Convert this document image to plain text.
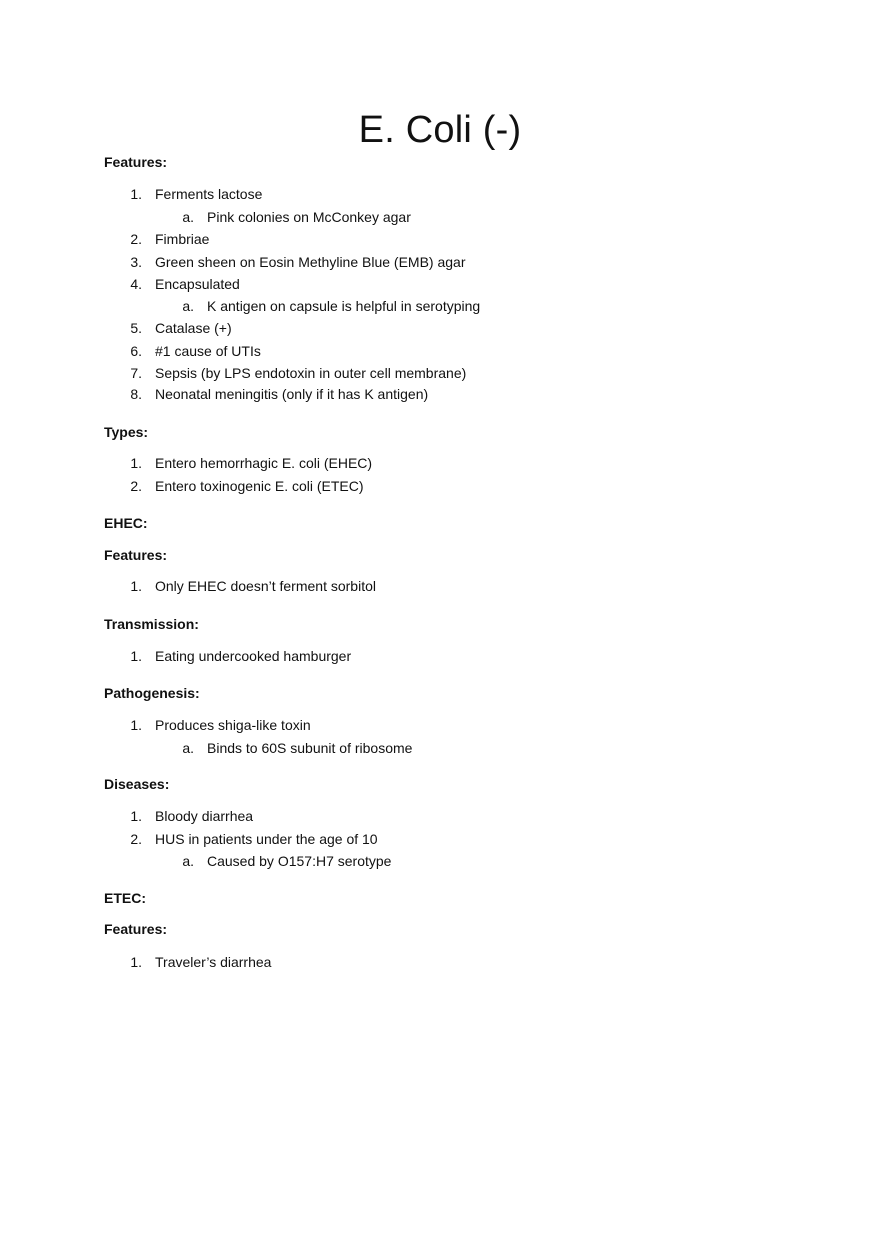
E. Coli (-)
Features:
1. Ferments lactose
a. Pink colonies on McConkey agar
2. Fimbriae
3. Green sheen on Eosin Methyline Blue (EMB) agar
4. Encapsulated
a. K antigen on capsule is helpful in serotyping
5. Catalase (+)
6. #1 cause of UTIs
7. Sepsis (by LPS endotoxin in outer cell membrane)
8. Neonatal meningitis (only if it has K antigen)
Types:
1. Entero hemorrhagic E. coli (EHEC)
2. Entero toxinogenic E. coli (ETEC)
EHEC:
Features:
1. Only EHEC doesn’t ferment sorbitol
Transmission:
1. Eating undercooked hamburger
Pathogenesis:
1. Produces shiga-like toxin
a. Binds to 60S subunit of ribosome
Diseases:
1. Bloody diarrhea
2. HUS in patients under the age of 10
a. Caused by O157:H7 serotype
ETEC:
Features:
1. Traveler’s diarrhea
